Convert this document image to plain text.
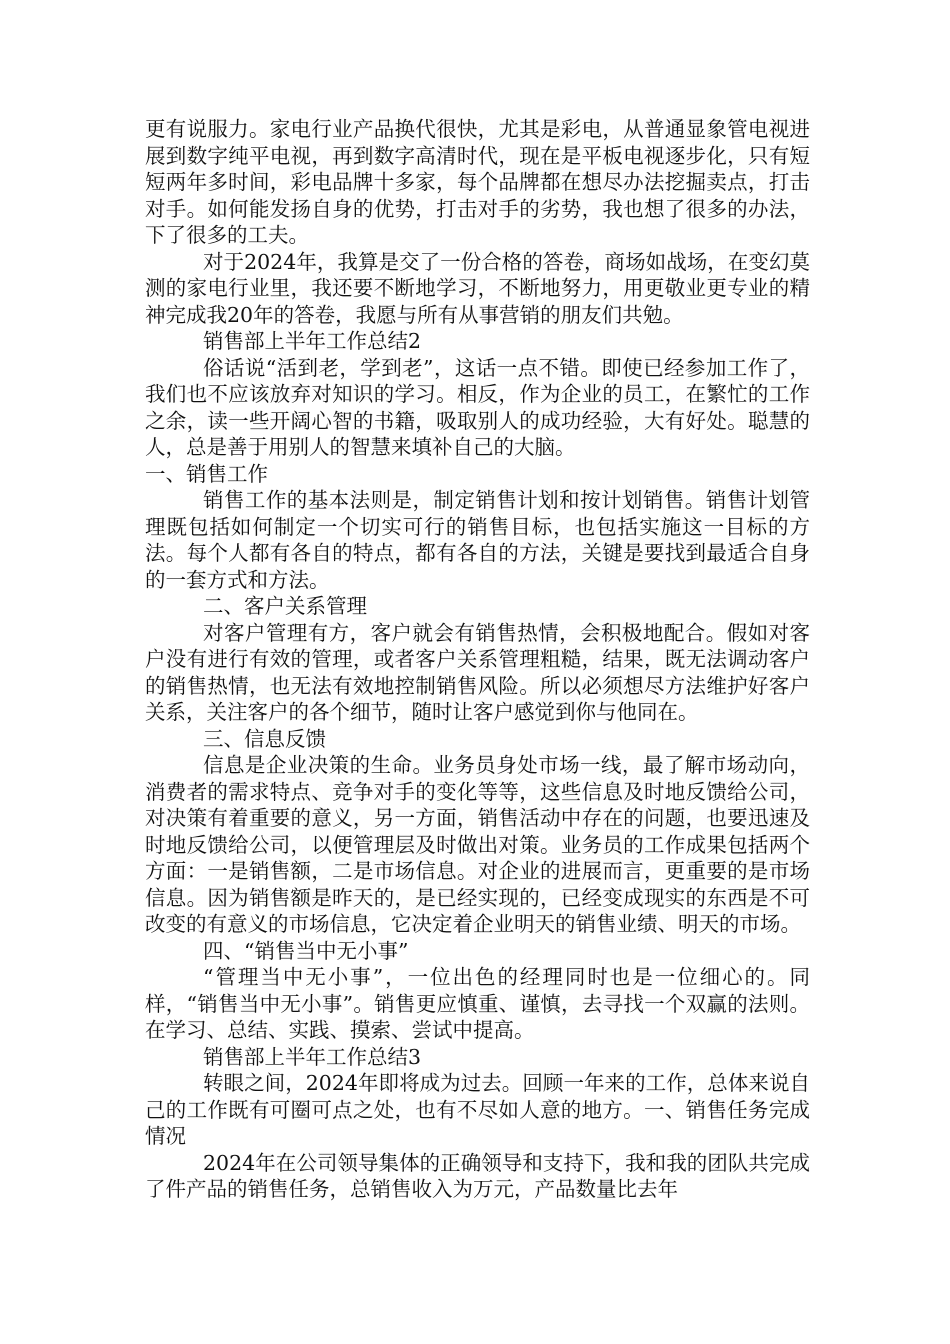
更有说服力。家电行业产品换代很快，尤其是彩电，从普通显象管电视进展到数字纯平电视，再到数字高清时代，现在是平板电视逐步化，只有短短两年多时间，彩电品牌十多家，每个品牌都在想尽办法挖掘卖点，打击对手。如何能发扬自身的优势，打击对手的劣势，我也想了很多的办法，下了很多的工夫。

对于2024年，我算是交了一份合格的答卷，商场如战场，在变幻莫测的家电行业里，我还要不断地学习，不断地努力，用更敬业更专业的精神完成我20年的答卷，我愿与所有从事营销的朋友们共勉。

销售部上半年工作总结2

俗话说“活到老，学到老”，这话一点不错。即使已经参加工作了，我们也不应该放弃对知识的学习。相反，作为企业的员工，在繁忙的工作之余，读一些开阔心智的书籍，吸取别人的成功经验，大有好处。聪慧的人，总是善于用别人的智慧来填补自己的大脑。

一、销售工作

销售工作的基本法则是，制定销售计划和按计划销售。销售计划管理既包括如何制定一个切实可行的销售目标，也包括实施这一目标的方法。每个人都有各自的特点，都有各自的方法，关键是要找到最适合自身的一套方式和方法。

二、客户关系管理

对客户管理有方，客户就会有销售热情，会积极地配合。假如对客户没有进行有效的管理，或者客户关系管理粗糙，结果，既无法调动客户的销售热情，也无法有效地控制销售风险。所以必须想尽方法维护好客户关系，关注客户的各个细节，随时让客户感觉到你与他同在。

三、信息反馈

信息是企业决策的生命。业务员身处市场一线，最了解市场动向，消费者的需求特点、竞争对手的变化等等，这些信息及时地反馈给公司，对决策有着重要的意义，另一方面，销售活动中存在的问题，也要迅速及时地反馈给公司，以便管理层及时做出对策。业务员的工作成果包括两个方面：一是销售额，二是市场信息。对企业的进展而言，更重要的是市场信息。因为销售额是昨天的，是已经实现的，已经变成现实的东西是不可改变的有意义的市场信息，它决定着企业明天的销售业绩、明天的市场。

四、“销售当中无小事”

“管理当中无小事”，一位出色的经理同时也是一位细心的。同样，“销售当中无小事”。销售更应慎重、谨慎，去寻找一个双赢的法则。在学习、总结、实践、摸索、尝试中提高。

销售部上半年工作总结3

转眼之间，2024年即将成为过去。回顾一年来的工作，总体来说自己的工作既有可圈可点之处，也有不尽如人意的地方。一、销售任务完成情况

2024年在公司领导集体的正确领导和支持下，我和我的团队共完成了件产品的销售任务，总销售收入为万元，产品数量比去年
